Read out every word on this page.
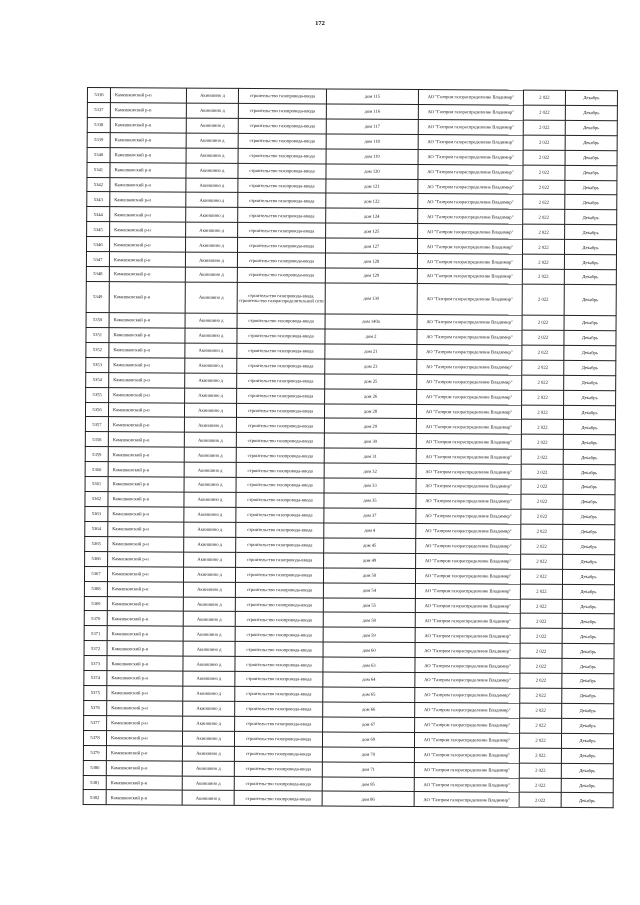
172
5336	Камешковский р-н	Акиншино д	строительство газопровода-ввода	дом 115	АО "Газпром газораспределение Владимир"	2 022	Декабрь
5337	Камешковский р-н	Акиншино д	строительство газопровода-ввода	дом 116	АО "Газпром газораспределение Владимир"	2 022	Декабрь
5338	Камешковский р-н	Акиншино д	строительство газопровода-ввода	дом 117	АО "Газпром газораспределение Владимир"	2 022	Декабрь
5339	Камешковский р-н	Акиншино д	строительство газопровода-ввода	дом 118	АО "Газпром газораспределение Владимир"	2 022	Декабрь
5340	Камешковский р-н	Акиншино д	строительство газопровода-ввода	дом 119	АО "Газпром газораспределение Владимир"	2 022	Декабрь
5341	Камешковский р-н	Акиншино д	строительство газопровода-ввода	дом 120	АО "Газпром газораспределение Владимир"	2 022	Декабрь
5342	Камешковский р-н	Акиншино д	строительство газопровода-ввода	дом 121	АО "Газпром газораспределение Владимир"	2 022	Декабрь
5343	Камешковский р-н	Акиншино д	строительство газопровода-ввода	дом 122	АО "Газпром газораспределение Владимир"	2 022	Декабрь
5344	Камешковский р-н	Акиншино д	строительство газопровода-ввода	дом 124	АО "Газпром газораспределение Владимир"	2 022	Декабрь
5345	Камешковский р-н	Акиншино д	строительство газопровода-ввода	дом 125	АО "Газпром газораспределение Владимир"	2 022	Декабрь
5346	Камешковский р-н	Акиншино д	строительство газопровода-ввода	дом 127	АО "Газпром газораспределение Владимир"	2 022	Декабрь
5347	Камешковский р-н	Акиншино д	строительство газопровода-ввода	дом 128	АО "Газпром газораспределение Владимир"	2 022	Декабрь
5348	Камешковский р-н	Акиншино д	строительство газопровода-ввода	дом 129	АО "Газпром газораспределение Владимир"	2 022	Декабрь
5349	Камешковский р-н	Акиншино д	строительство газопровода-ввода, строительство газораспределительной сети	дом 130	АО "Газпром газораспределение Владимир"	2 022	Декабрь
5350	Камешковский р-н	Акиншино д	строительство газопровода-ввода	дом 140а	АО "Газпром газораспределение Владимир"	2 022	Декабрь
5351	Камешковский р-н	Акиншино д	строительство газопровода-ввода	дом 2	АО "Газпром газораспределение Владимир"	2 022	Декабрь
5352	Камешковский р-н	Акиншино д	строительство газопровода-ввода	дом 21	АО "Газпром газораспределение Владимир"	2 022	Декабрь
5353	Камешковский р-н	Акиншино д	строительство газопровода-ввода	дом 23	АО "Газпром газораспределение Владимир"	2 022	Декабрь
5354	Камешковский р-н	Акиншино д	строительство газопровода-ввода	дом 25	АО "Газпром газораспределение Владимир"	2 022	Декабрь
5355	Камешковский р-н	Акиншино д	строительство газопровода-ввода	дом 26	АО "Газпром газораспределение Владимир"	2 022	Декабрь
5356	Камешковский р-н	Акиншино д	строительство газопровода-ввода	дом 28	АО "Газпром газораспределение Владимир"	2 022	Декабрь
5357	Камешковский р-н	Акиншино д	строительство газопровода-ввода	дом 29	АО "Газпром газораспределение Владимир"	2 022	Декабрь
5358	Камешковский р-н	Акиншино д	строительство газопровода-ввода	дом 30	АО "Газпром газораспределение Владимир"	2 022	Декабрь
5359	Камешковский р-н	Акиншино д	строительство газопровода-ввода	дом 31	АО "Газпром газораспределение Владимир"	2 022	Декабрь
5360	Камешковский р-н	Акиншино д	строительство газопровода-ввода	дом 32	АО "Газпром газораспределение Владимир"	2 022	Декабрь
5361	Камешковский р-н	Акиншино д	строительство газопровода-ввода	дом 33	АО "Газпром газораспределение Владимир"	2 022	Декабрь
5362	Камешковский р-н	Акиншино д	строительство газопровода-ввода	дом 35	АО "Газпром газораспределение Владимир"	2 022	Декабрь
5363	Камешковский р-н	Акиншино д	строительство газопровода-ввода	дом 37	АО "Газпром газораспределение Владимир"	2 022	Декабрь
5364	Камешковский р-н	Акиншино д	строительство газопровода-ввода	дом 4	АО "Газпром газораспределение Владимир"	2 022	Декабрь
5365	Камешковский р-н	Акиншино д	строительство газопровода-ввода	дом 45	АО "Газпром газораспределение Владимир"	2 022	Декабрь
5366	Камешковский р-н	Акиншино д	строительство газопровода-ввода	дом 49	АО "Газпром газораспределение Владимир"	2 022	Декабрь
5367	Камешковский р-н	Акиншино д	строительство газопровода-ввода	дом 50	АО "Газпром газораспределение Владимир"	2 022	Декабрь
5368	Камешковский р-н	Акиншино д	строительство газопровода-ввода	дом 54	АО "Газпром газораспределение Владимир"	2 022	Декабрь
5369	Камешковский р-н	Акиншино д	строительство газопровода-ввода	дом 55	АО "Газпром газораспределение Владимир"	2 022	Декабрь
5370	Камешковский р-н	Акиншино д	строительство газопровода-ввода	дом 58	АО "Газпром газораспределение Владимир"	2 022	Декабрь
5371	Камешковский р-н	Акиншино д	строительство газопровода-ввода	дом 59	АО "Газпром газораспределение Владимир"	2 022	Декабрь
5372	Камешковский р-н	Акиншино д	строительство газопровода-ввода	дом 60	АО "Газпром газораспределение Владимир"	2 022	Декабрь
5373	Камешковский р-н	Акиншино д	строительство газопровода-ввода	дом 63	АО "Газпром газораспределение Владимир"	2 022	Декабрь
5374	Камешковский р-н	Акиншино д	строительство газопровода-ввода	дом 64	АО "Газпром газораспределение Владимир"	2 022	Декабрь
5375	Камешковский р-н	Акиншино д	строительство газопровода-ввода	дом 65	АО "Газпром газораспределение Владимир"	2 022	Декабрь
5376	Камешковский р-н	Акиншино д	строительство газопровода-ввода	дом 66	АО "Газпром газораспределение Владимир"	2 022	Декабрь
5377	Камешковский р-н	Акиншино д	строительство газопровода-ввода	дом 67	АО "Газпром газораспределение Владимир"	2 022	Декабрь
5378	Камешковский р-н	Акиншино д	строительство газопровода-ввода	дом 69	АО "Газпром газораспределение Владимир"	2 022	Декабрь
5379	Камешковский р-н	Акиншино д	строительство газопровода-ввода	дом 70	АО "Газпром газораспределение Владимир"	2 022	Декабрь
5380	Камешковский р-н	Акиншино д	строительство газопровода-ввода	дом 71	АО "Газпром газораспределение Владимир"	2 022	Декабрь
5381	Камешковский р-н	Акиншино д	строительство газопровода-ввода	дом 85	АО "Газпром газораспределение Владимир"	2 022	Декабрь
5382	Камешковский р-н	Акиншино д	строительство газопровода-ввода	дом 86	АО "Газпром газораспределение Владимир"	2 022	Декабрь
